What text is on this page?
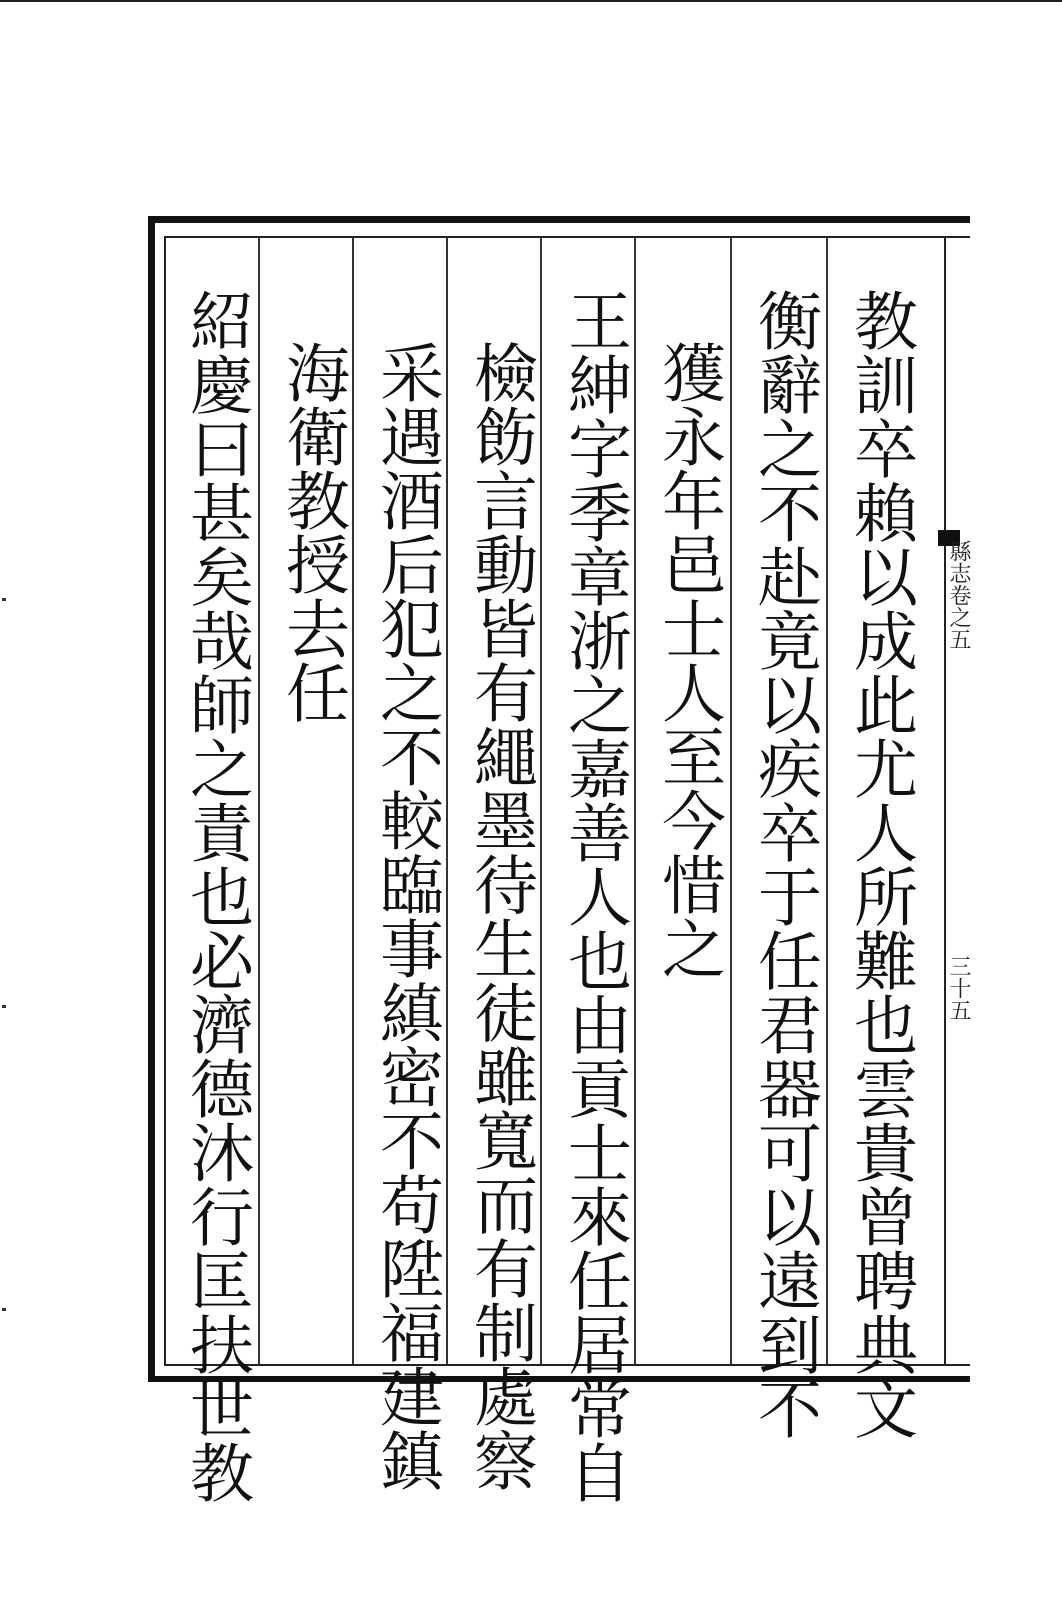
教訓卒賴以成此尤人所難也雲貴曾聘典文
衡辭之不赴竟以疾卒于任君器可以遠到不
獲永年邑士人至今惜之
王紳字季章浙之嘉善人也由貢士來任居常自
檢飭言動皆有繩墨待生徒雖寬而有制處察
采遇酒后犯之不較臨事縝密不苟陞福建鎮
海衛教授去任
紹慶曰甚矣哉師之責也必濟德沐行匡扶世教	縣志卷之五
三十五
